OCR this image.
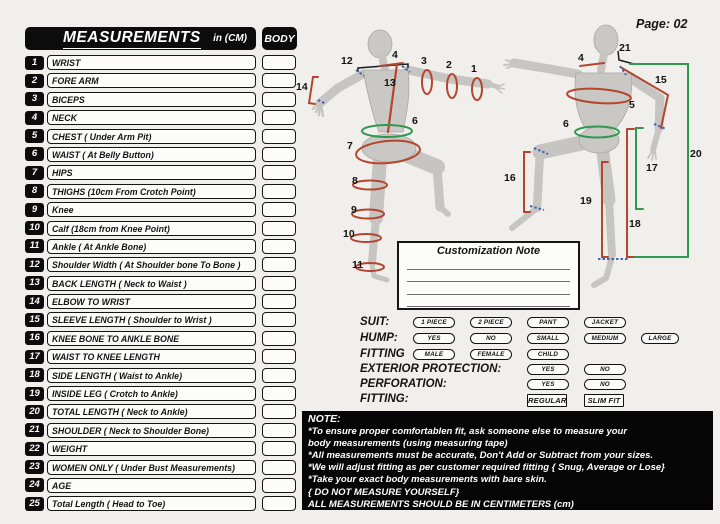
Page: 02
MEASUREMENTS in (CM) BODY
1	WRIST
2	FORE ARM
3	BICEPS
4	NECK
5	CHEST ( Under Arm Pit)
6	WAIST ( At Belly Button)
7	HIPS
8	THIGHS (10cm From Crotch Point)
9	Knee
10	Calf (18cm from Knee Point)
11	Ankle ( At Ankle Bone)
12	Shoulder Width ( At Shoulder bone To Bone )
13	BACK LENGTH ( Neck to Waist )
14	ELBOW TO WRIST
15	SLEEVE LENGTH ( Shoulder to Wrist )
16	KNEE BONE TO ANKLE BONE
17	WAIST TO KNEE LENGTH
18	SIDE LENGTH ( Waist to Ankle)
19	INSIDE LEG ( Crotch to Ankle)
20	TOTAL LENGTH ( Neck to Ankle)
21	SHOULDER ( Neck to Shoulder Bone)
22	WEIGHT
23	WOMEN ONLY ( Under Bust Measurements)
24	AGE
25	Total Length ( Head to Toe)
14
12	4
13
3 2 1
6
7
8
9
10
11
4
21
15
5
6
16
17
19
18
20
Customization Note
SUIT:	1 PIECE	2 PIECE	PANT	JACKET
HUMP:	YES	NO	SMALL	MEDIUM	LARGE
FITTING	MALE	FEMALE	CHILD
EXTERIOR PROTECTION:	YES	NO
PERFORATION:	YES	NO
FITTING:	REGULAR	SLIM FIT
NOTE:
*To ensure proper comfortablen fit, ask someone else to measure your
body measurements (using measuring tape)
*All measurements must be accurate, Don't Add or Subtract from your sizes.
*We will adjust fitting as per customer required fitting { Snug, Average or Lose}
*Take your exact body measurements with bare skin.
{ DO NOT MEASURE YOURSELF}
ALL MEASUREMENTS SHOULD BE IN CENTIMETERS (cm)
